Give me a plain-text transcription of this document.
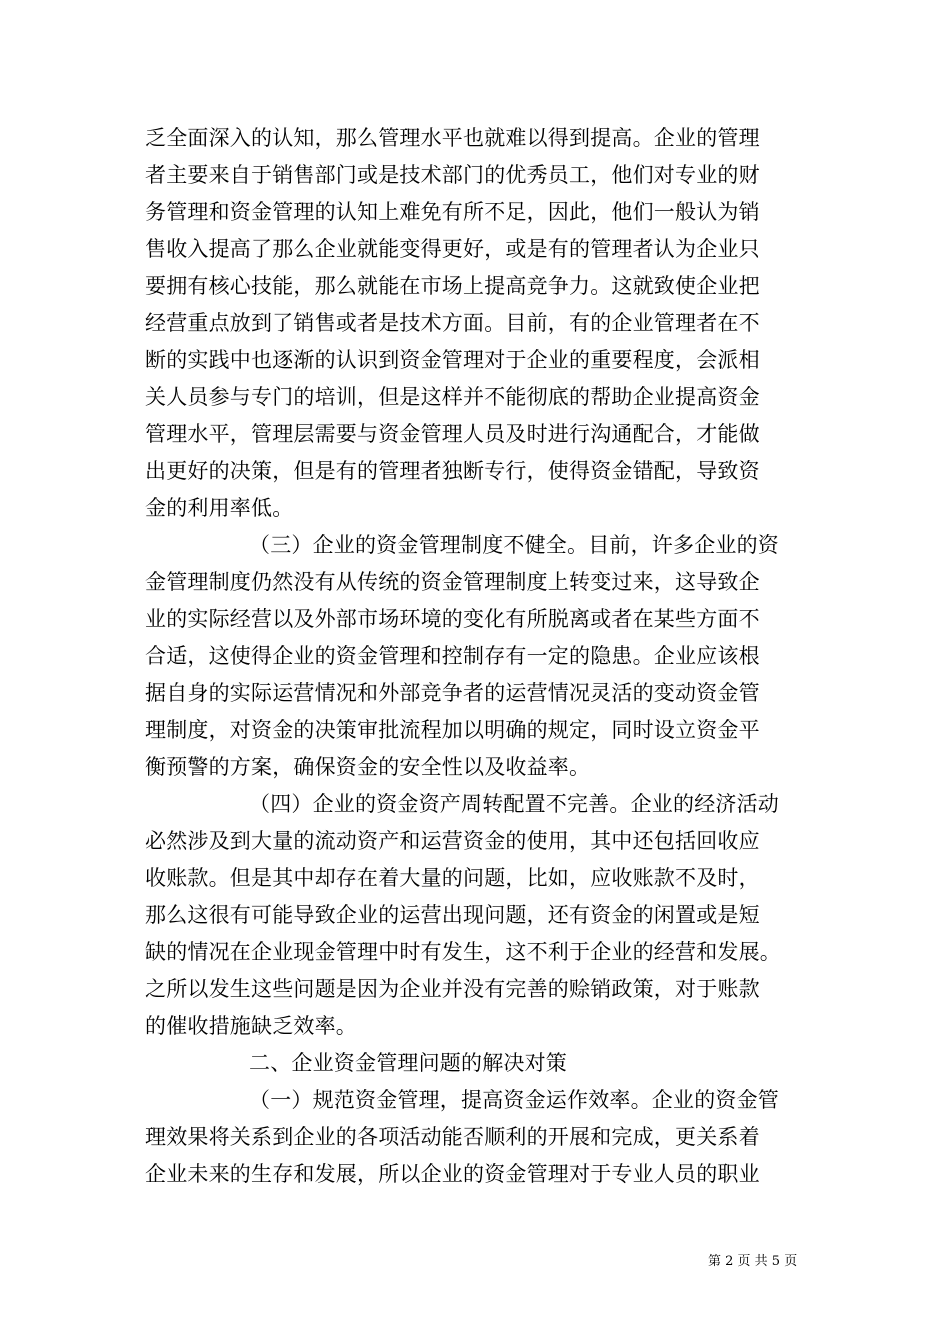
乏全面深入的认知，那么管理水平也就难以得到提高。企业的管理
者主要来自于销售部门或是技术部门的优秀员工，他们对专业的财
务管理和资金管理的认知上难免有所不足，因此，他们一般认为销
售收入提高了那么企业就能变得更好，或是有的管理者认为企业只
要拥有核心技能，那么就能在市场上提高竞争力。这就致使企业把
经营重点放到了销售或者是技术方面。目前，有的企业管理者在不
断的实践中也逐渐的认识到资金管理对于企业的重要程度，会派相
关人员参与专门的培训，但是这样并不能彻底的帮助企业提高资金
管理水平，管理层需要与资金管理人员及时进行沟通配合，才能做
出更好的决策，但是有的管理者独断专行，使得资金错配，导致资
金的利用率低。
（三）企业的资金管理制度不健全。目前，许多企业的资
金管理制度仍然没有从传统的资金管理制度上转变过来，这导致企
业的实际经营以及外部市场环境的变化有所脱离或者在某些方面不
合适，这使得企业的资金管理和控制存有一定的隐患。企业应该根
据自身的实际运营情况和外部竞争者的运营情况灵活的变动资金管
理制度，对资金的决策审批流程加以明确的规定，同时设立资金平
衡预警的方案，确保资金的安全性以及收益率。
（四）企业的资金资产周转配置不完善。企业的经济活动
必然涉及到大量的流动资产和运营资金的使用，其中还包括回收应
收账款。但是其中却存在着大量的问题，比如，应收账款不及时，
那么这很有可能导致企业的运营出现问题，还有资金的闲置或是短
缺的情况在企业现金管理中时有发生，这不利于企业的经营和发展。
之所以发生这些问题是因为企业并没有完善的赊销政策，对于账款
的催收措施缺乏效率。
二、企业资金管理问题的解决对策
（一）规范资金管理，提高资金运作效率。企业的资金管
理效果将关系到企业的各项活动能否顺利的开展和完成，更关系着
企业未来的生存和发展，所以企业的资金管理对于专业人员的职业
第 2 页 共 5 页
